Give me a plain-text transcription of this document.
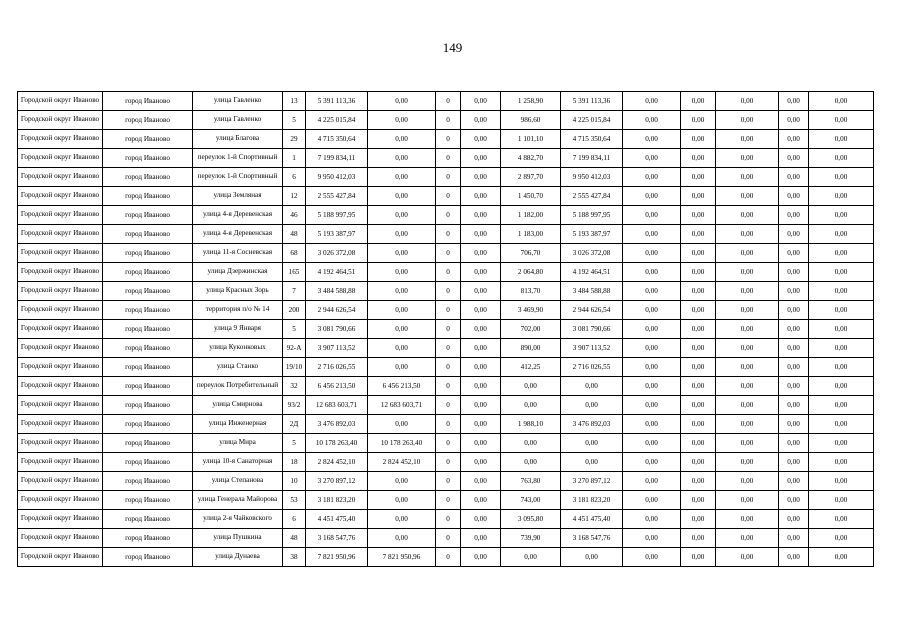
149
Городской округ Иваново	город Иваново	улица Гавленко	13	5 391 113,36	0,00	0	0,00	1 258,90	5 391 113,36	0,00	0,00	0,00	0,00	0,00
Городской округ Иваново	город Иваново	улица Гавленко	5	4 225 015,84	0,00	0	0,00	986,60	4 225 015,84	0,00	0,00	0,00	0,00	0,00
Городской округ Иваново	город Иваново	улица Благова	29	4 715 350,64	0,00	0	0,00	1 101,10	4 715 350,64	0,00	0,00	0,00	0,00	0,00
Городской округ Иваново	город Иваново	переулок 1-й Спортивный	1	7 199 834,11	0,00	0	0,00	4 882,70	7 199 834,11	0,00	0,00	0,00	0,00	0,00
Городской округ Иваново	город Иваново	переулок 1-й Спортивный	6	9 950 412,03	0,00	0	0,00	2 897,70	9 950 412,03	0,00	0,00	0,00	0,00	0,00
Городской округ Иваново	город Иваново	улица Земляная	12	2 555 427,84	0,00	0	0,00	1 450,70	2 555 427,84	0,00	0,00	0,00	0,00	0,00
Городской округ Иваново	город Иваново	улица 4-я Деревенская	46	5 188 997,95	0,00	0	0,00	1 182,00	5 188 997,95	0,00	0,00	0,00	0,00	0,00
Городской округ Иваново	город Иваново	улица 4-я Деревенская	48	5 193 387,97	0,00	0	0,00	1 183,00	5 193 387,97	0,00	0,00	0,00	0,00	0,00
Городской округ Иваново	город Иваново	улица 11-я Сосневская	68	3 026 372,08	0,00	0	0,00	706,70	3 026 372,08	0,00	0,00	0,00	0,00	0,00
Городской округ Иваново	город Иваново	улица Дзержинская	165	4 192 464,51	0,00	0	0,00	2 064,80	4 192 464,51	0,00	0,00	0,00	0,00	0,00
Городской округ Иваново	город Иваново	улица Красных Зорь	7	3 484 588,88	0,00	0	0,00	813,70	3 484 588,88	0,00	0,00	0,00	0,00	0,00
Городской округ Иваново	город Иваново	территория п/о № 14	200	2 944 626,54	0,00	0	0,00	3 469,90	2 944 626,54	0,00	0,00	0,00	0,00	0,00
Городской округ Иваново	город Иваново	улица 9 Января	5	3 081 790,66	0,00	0	0,00	702,00	3 081 790,66	0,00	0,00	0,00	0,00	0,00
Городской округ Иваново	город Иваново	улица Куконковых	92-А	3 907 113,52	0,00	0	0,00	890,00	3 907 113,52	0,00	0,00	0,00	0,00	0,00
Городской округ Иваново	город Иваново	улица Станко	19/10	2 716 026,55	0,00	0	0,00	412,25	2 716 026,55	0,00	0,00	0,00	0,00	0,00
Городской округ Иваново	город Иваново	переулок Потребительный	32	6 456 213,50	6 456 213,50	0	0,00	0,00	0,00	0,00	0,00	0,00	0,00	0,00
Городской округ Иваново	город Иваново	улица Смирнова	93/2	12 683 603,71	12 683 603,71	0	0,00	0,00	0,00	0,00	0,00	0,00	0,00	0,00
Городской округ Иваново	город Иваново	улица Инженерная	2Д	3 476 892,03	0,00	0	0,00	1 988,10	3 476 892,03	0,00	0,00	0,00	0,00	0,00
Городской округ Иваново	город Иваново	улица Мира	5	10 178 263,40	10 178 263,40	0	0,00	0,00	0,00	0,00	0,00	0,00	0,00	0,00
Городской округ Иваново	город Иваново	улица 10-я Санаторная	18	2 824 452,10	2 824 452,10	0	0,00	0,00	0,00	0,00	0,00	0,00	0,00	0,00
Городской округ Иваново	город Иваново	улица Степанова	10	3 270 897,12	0,00	0	0,00	763,80	3 270 897,12	0,00	0,00	0,00	0,00	0,00
Городской округ Иваново	город Иваново	улица Генерала Майорова	53	3 181 823,20	0,00	0	0,00	743,00	3 181 823,20	0,00	0,00	0,00	0,00	0,00
Городской округ Иваново	город Иваново	улица 2-я Чайковского	6	4 451 475,40	0,00	0	0,00	3 095,80	4 451 475,40	0,00	0,00	0,00	0,00	0,00
Городской округ Иваново	город Иваново	улица Пушкина	48	3 168 547,76	0,00	0	0,00	739,90	3 168 547,76	0,00	0,00	0,00	0,00	0,00
Городской округ Иваново	город Иваново	улица Дунаева	38	7 821 950,96	7 821 950,96	0	0,00	0,00	0,00	0,00	0,00	0,00	0,00	0,00
